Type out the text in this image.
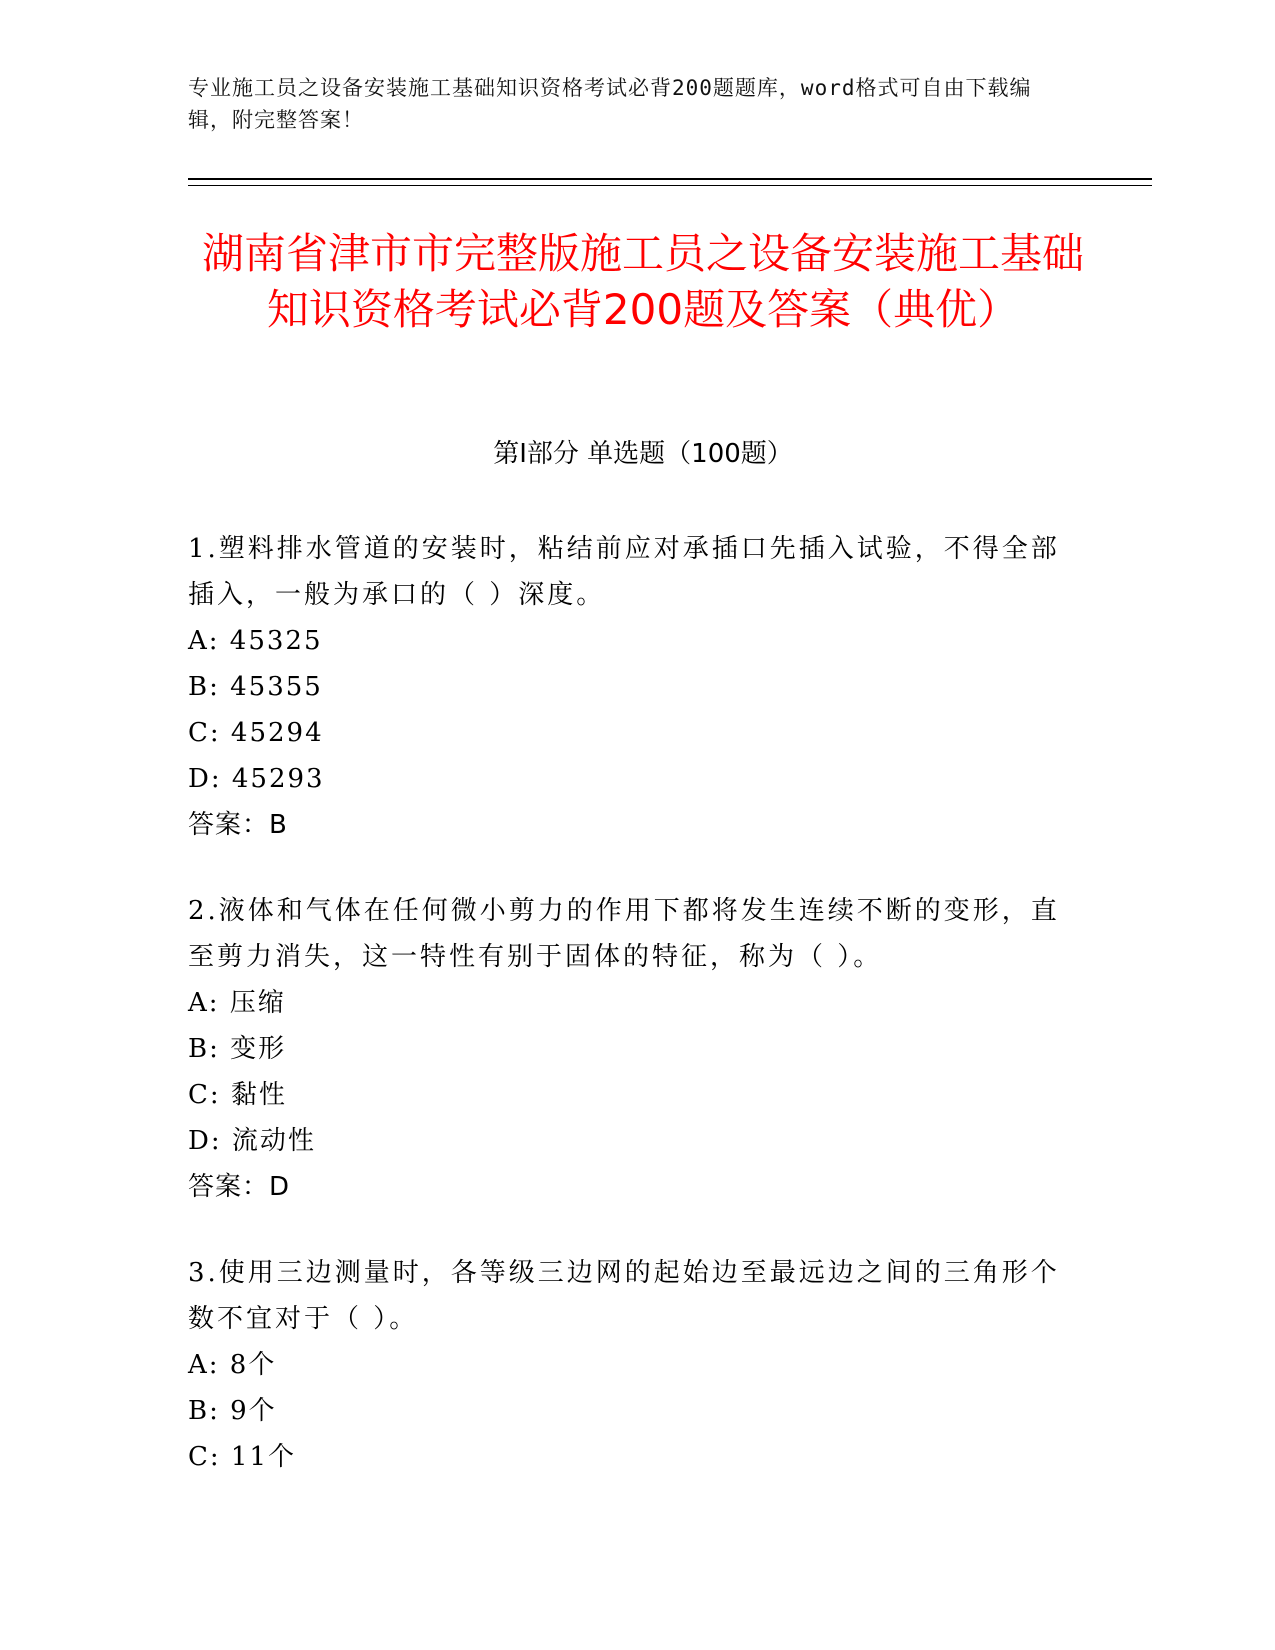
专业施工员之设备安装施工基础知识资格考试必背200题题库，word格式可自由下载编辑，附完整答案！
湖南省津市市完整版施工员之设备安装施工基础知识资格考试必背200题及答案（典优）
第I部分 单选题（100题）
1.塑料排水管道的安装时，粘结前应对承插口先插入试验，不得全部插入，一般为承口的（ ）深度。
A: 45325
B: 45355
C: 45294
D: 45293
答案：B
2.液体和气体在任何微小剪力的作用下都将发生连续不断的变形，直至剪力消失，这一特性有别于固体的特征，称为（ ）。
A: 压缩
B: 变形
C: 黏性
D: 流动性
答案：D
3.使用三边测量时，各等级三边网的起始边至最远边之间的三角形个数不宜对于（ ）。
A: 8个
B: 9个
C: 11个
